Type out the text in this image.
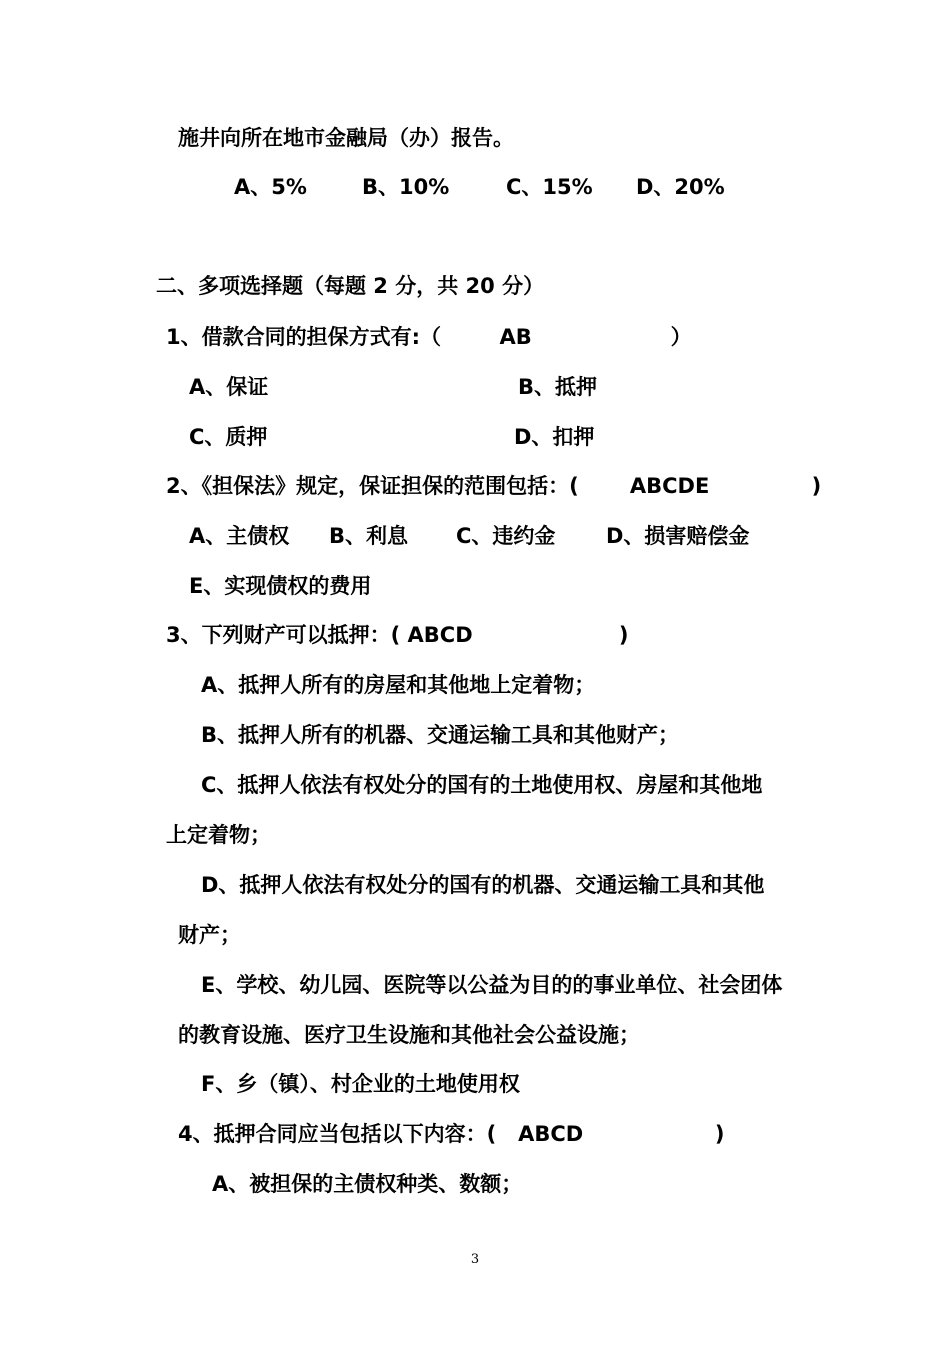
施井向所在地市金融局（办）报告。
A、5%	B、10%	C、15% D、20%
二、多项选择题（每题 2 分，共 20 分）
1、借款合同的担保方式有:（        AB                   ）
A、保证	B、抵押
C、质押	D、扣押
2、《担保法》规定，保证担保的范围包括：(       ABCDE              )
A、主债权 B、利息 C、违约金 D、损害赔偿金
E、实现债权的费用
3、下列财产可以抵押：( ABCD                    )
A、抵押人所有的房屋和其他地上定着物；
B、抵押人所有的机器、交通运输工具和其他财产；
C、抵押人依法有权处分的国有的土地使用权、房屋和其他地
上定着物；
D、抵押人依法有权处分的国有的机器、交通运输工具和其他
财产；
E、学校、幼儿园、医院等以公益为目的的事业单位、社会团体
的教育设施、医疗卫生设施和其他社会公益设施；
F、乡（镇）、村企业的土地使用权
4、抵押合同应当包括以下内容：(   ABCD                  )
A、被担保的主债权种类、数额；
3
